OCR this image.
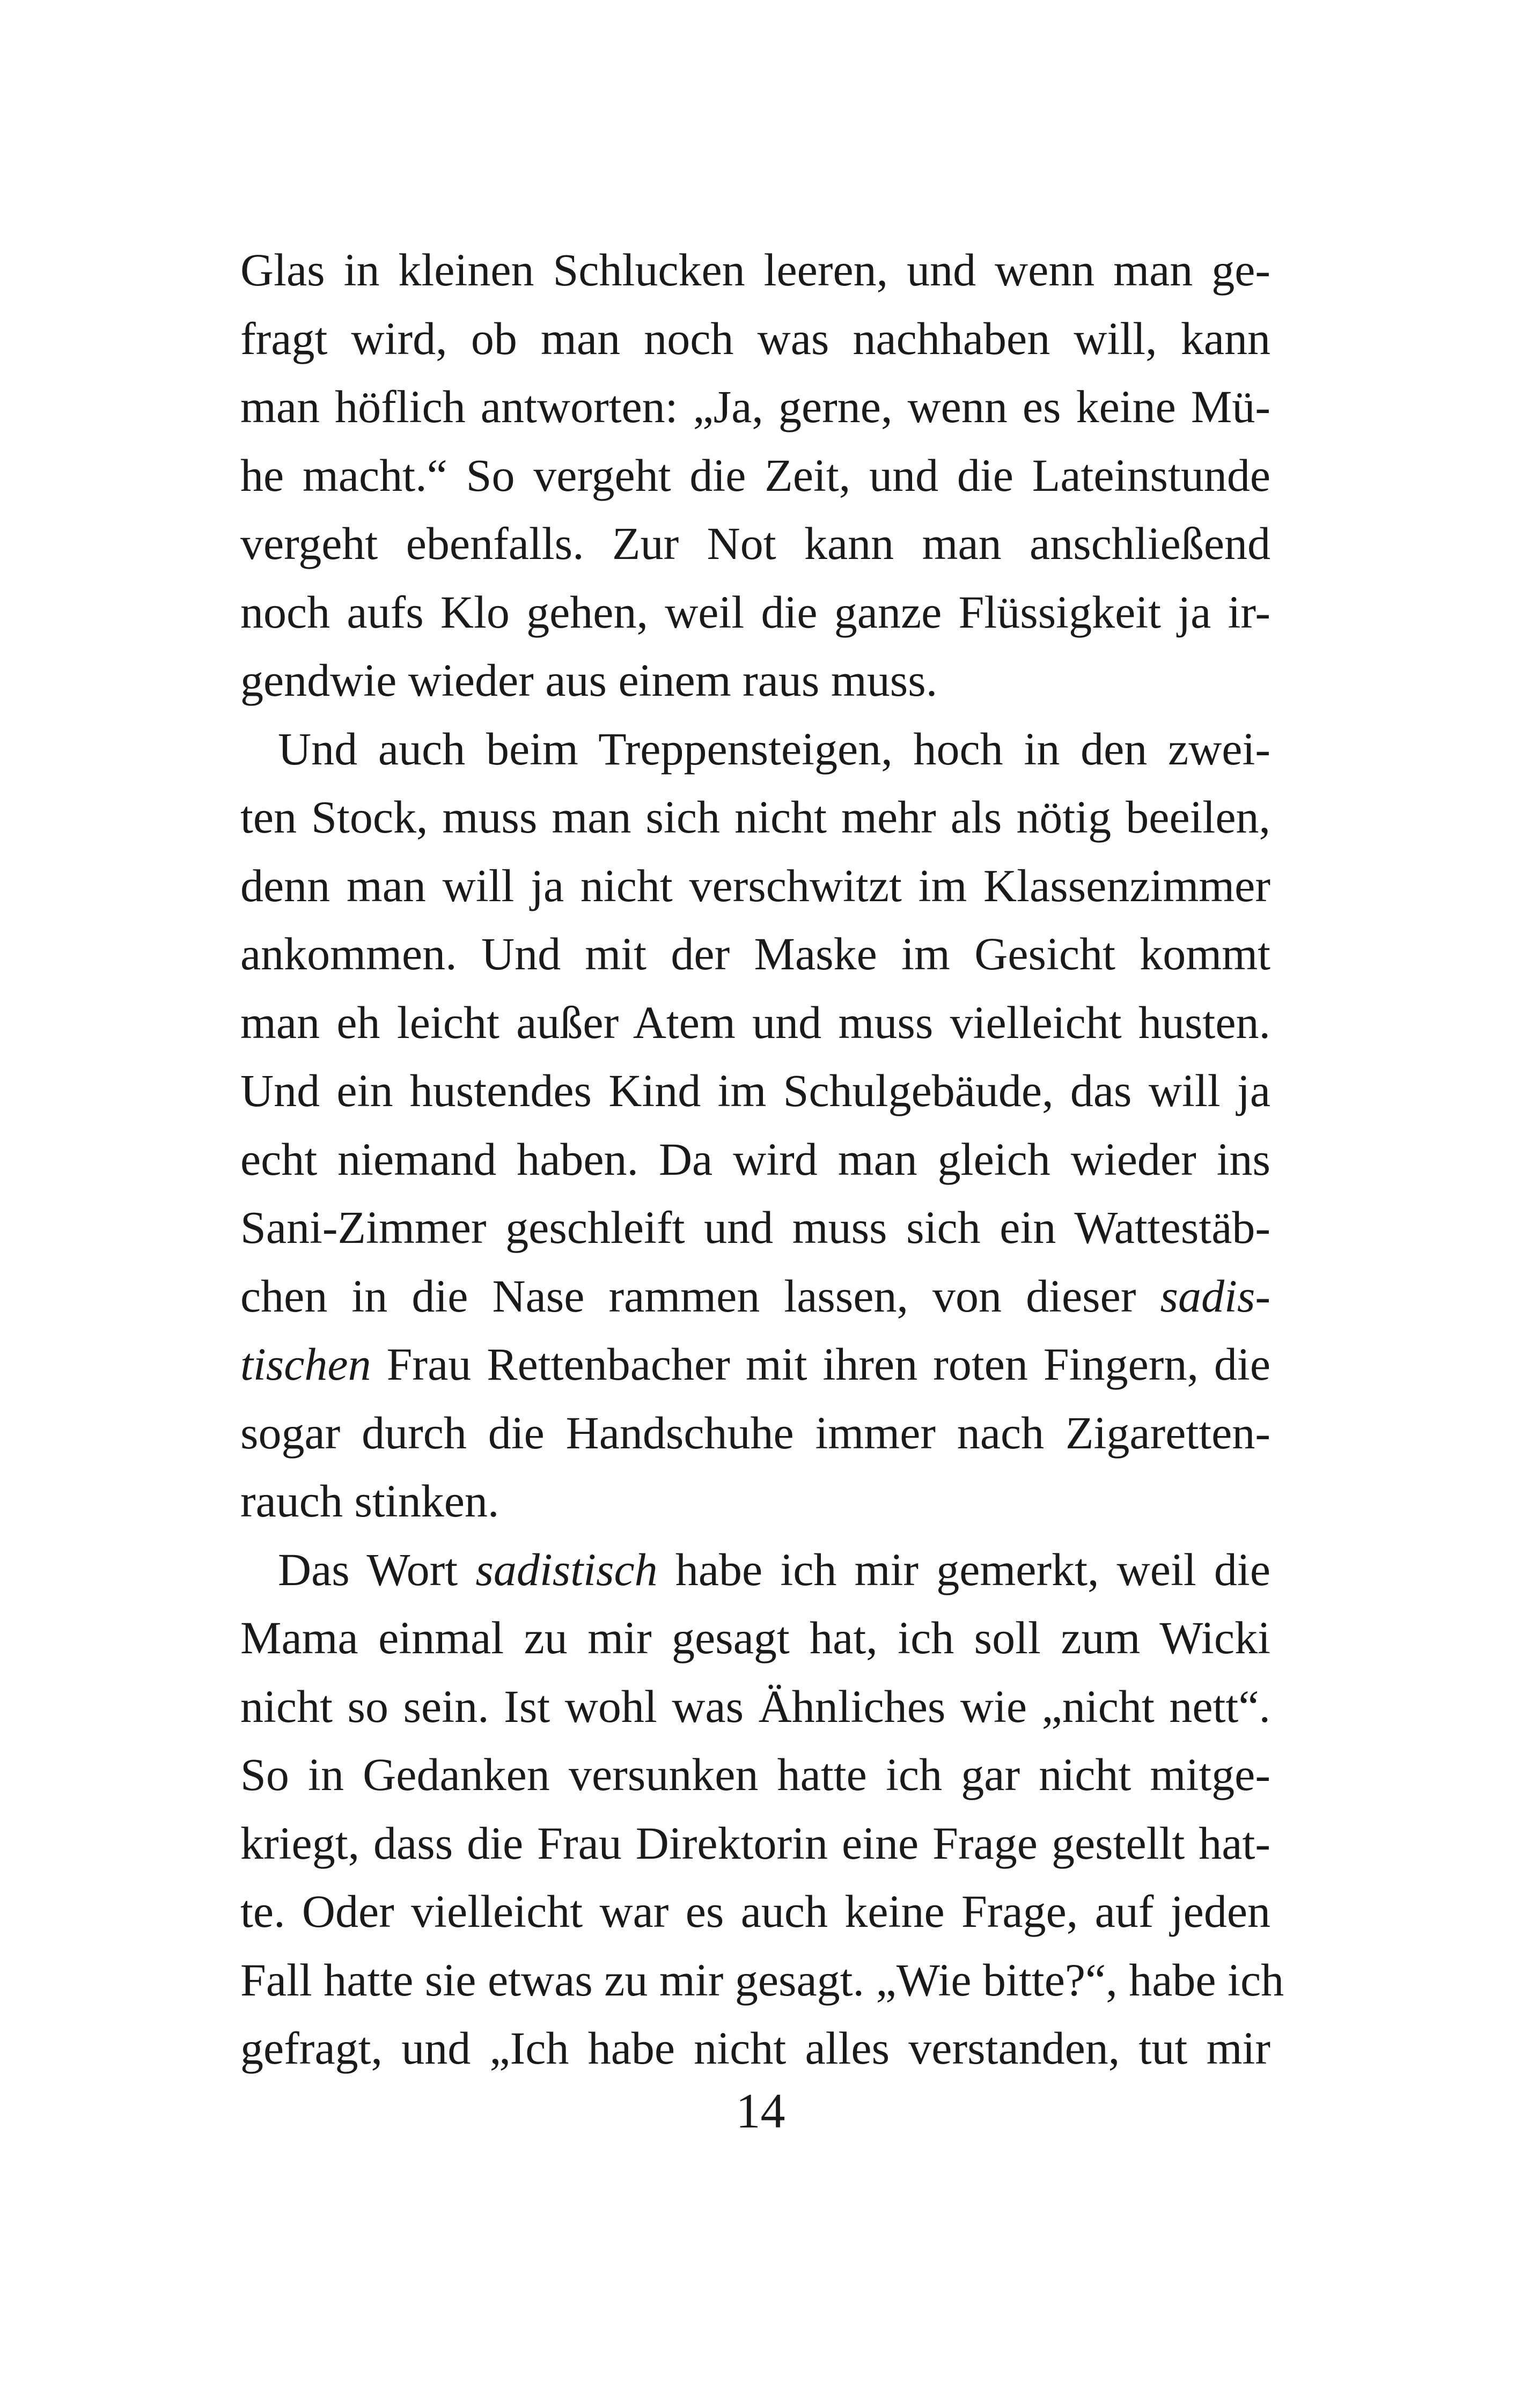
Glas in kleinen Schlucken leeren, und wenn man ge-
fragt wird, ob man noch was nachhaben will, kann
man höflich antworten: „Ja, gerne, wenn es keine Mü-
he macht.“ So vergeht die Zeit, und die Lateinstunde
vergeht ebenfalls. Zur Not kann man anschließend
noch aufs Klo gehen, weil die ganze Flüssigkeit ja ir-
gendwie wieder aus einem raus muss.
Und auch beim Treppensteigen, hoch in den zwei-
ten Stock, muss man sich nicht mehr als nötig beeilen,
denn man will ja nicht verschwitzt im Klassenzimmer
ankommen. Und mit der Maske im Gesicht kommt
man eh leicht außer Atem und muss vielleicht husten.
Und ein hustendes Kind im Schulgebäude, das will ja
echt niemand haben. Da wird man gleich wieder ins
Sani-Zimmer geschleift und muss sich ein Wattestäb-
chen in die Nase rammen lassen, von dieser sadis-
tischen Frau Rettenbacher mit ihren roten Fingern, die
sogar durch die Handschuhe immer nach Zigaretten-
rauch stinken.
Das Wort sadistisch habe ich mir gemerkt, weil die
Mama einmal zu mir gesagt hat, ich soll zum Wicki
nicht so sein. Ist wohl was Ähnliches wie „nicht nett“.
So in Gedanken versunken hatte ich gar nicht mitge-
kriegt, dass die Frau Direktorin eine Frage gestellt hat-
te. Oder vielleicht war es auch keine Frage, auf jeden
Fall hatte sie etwas zu mir gesagt. „Wie bitte?“, habe ich
gefragt, und „Ich habe nicht alles verstanden, tut mir
14
